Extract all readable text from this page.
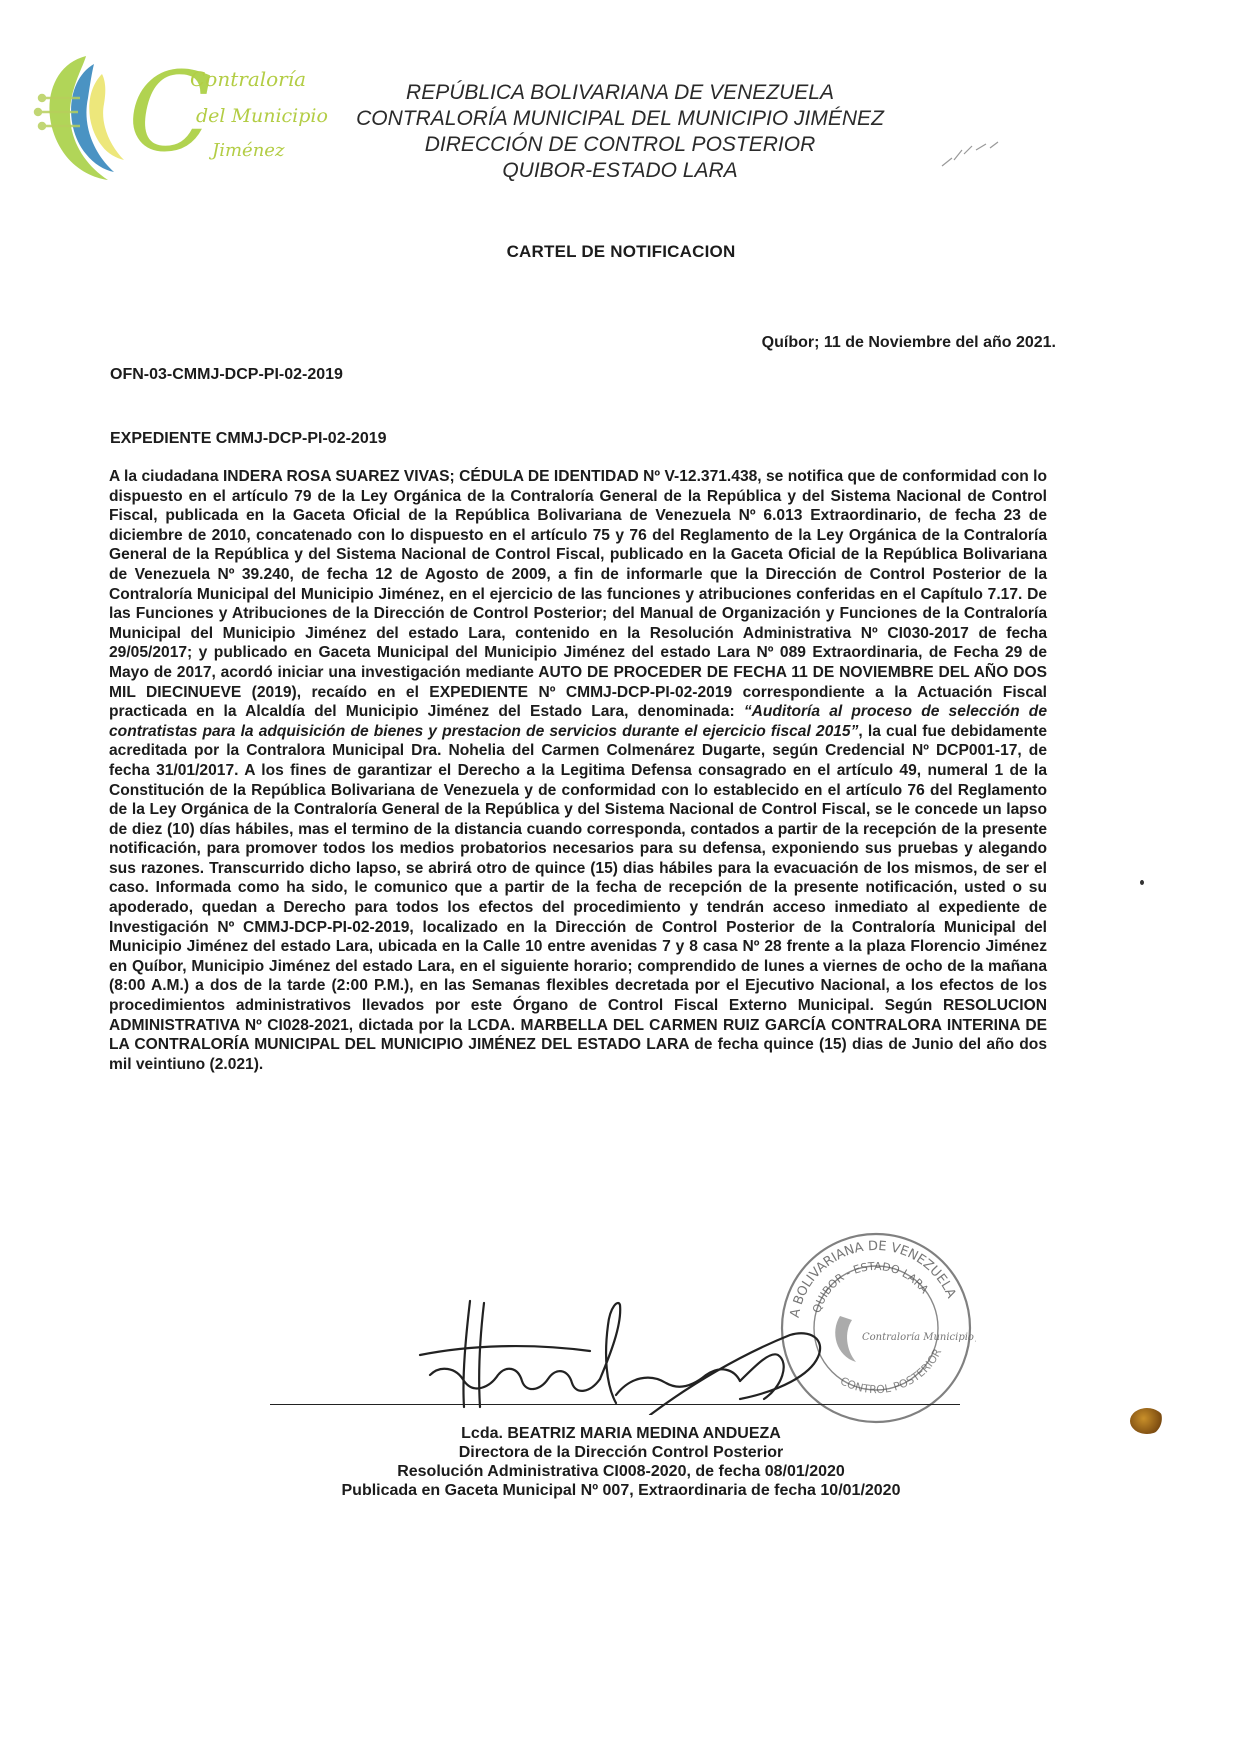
C
Contraloría
del Municipio
Jiménez
REPÚBLICA BOLIVARIANA DE VENEZUELA
CONTRALORÍA MUNICIPAL DEL MUNICIPIO JIMÉNEZ
DIRECCIÓN DE CONTROL POSTERIOR
QUIBOR-ESTADO LARA
CARTEL DE NOTIFICACION
Quíbor; 11 de Noviembre del año 2021.
OFN-03-CMMJ-DCP-PI-02-2019
EXPEDIENTE CMMJ-DCP-PI-02-2019
A la ciudadana INDERA ROSA SUAREZ VIVAS; CÉDULA DE IDENTIDAD Nº V-12.371.438, se notifica que de conformidad con lo dispuesto en el artículo 79 de la Ley Orgánica de la Contraloría General de la República y del Sistema Nacional de Control Fiscal, publicada en la Gaceta Oficial de la República Bolivariana de Venezuela Nº 6.013 Extraordinario, de fecha 23 de diciembre de 2010, concatenado con lo dispuesto en el artículo 75 y 76 del Reglamento de la Ley Orgánica de la Contraloría General de la República y del Sistema Nacional de Control Fiscal, publicado en la Gaceta Oficial de la República Bolivariana de Venezuela Nº 39.240, de fecha 12 de Agosto de 2009, a fin de informarle que la Dirección de Control Posterior de la Contraloría Municipal del Municipio Jiménez, en el ejercicio de las funciones y atribuciones conferidas en el Capítulo 7.17. De las Funciones y Atribuciones de la Dirección de Control Posterior; del Manual de Organización y Funciones de la Contraloría Municipal del Municipio Jiménez del estado Lara, contenido en la Resolución Administrativa Nº CI030-2017 de fecha 29/05/2017; y publicado en Gaceta Municipal del Municipio Jiménez del estado Lara Nº 089 Extraordinaria, de Fecha 29 de Mayo de 2017, acordó iniciar una investigación mediante AUTO DE PROCEDER DE FECHA 11 DE NOVIEMBRE DEL AÑO DOS MIL DIECINUEVE (2019), recaído en el EXPEDIENTE Nº CMMJ-DCP-PI-02-2019 correspondiente a la Actuación Fiscal practicada en la Alcaldía del Municipio Jiménez del Estado Lara, denominada: “Auditoría al proceso de selección de contratistas para la adquisición de bienes y prestacion de servicios durante el ejercicio fiscal 2015”, la cual fue debidamente acreditada por la Contralora Municipal Dra. Nohelia del Carmen Colmenárez Dugarte, según Credencial Nº DCP001-17, de fecha 31/01/2017. A los fines de garantizar el Derecho a la Legitima Defensa consagrado en el artículo 49, numeral 1 de la Constitución de la República Bolivariana de Venezuela y de conformidad con lo establecido en el artículo 76 del Reglamento de la Ley Orgánica de la Contraloría General de la República y del Sistema Nacional de Control Fiscal, se le concede un lapso de diez (10) días hábiles, mas el termino de la distancia cuando corresponda, contados a partir de la recepción de la presente notificación, para promover todos los medios probatorios necesarios para su defensa, exponiendo sus pruebas y alegando sus razones. Transcurrido dicho lapso, se abrirá otro de quince (15) dias hábiles para la evacuación de los mismos, de ser el caso. Informada como ha sido, le comunico que a partir de la fecha de recepción de la presente notificación, usted o su apoderado, quedan a Derecho para todos los efectos del procedimiento y tendrán acceso inmediato al expediente de Investigación Nº CMMJ-DCP-PI-02-2019, localizado en la Dirección de Control Posterior de la Contraloría Municipal del Municipio Jiménez del estado Lara, ubicada en la Calle 10 entre avenidas 7 y 8 casa Nº 28 frente a la plaza Florencio Jiménez en Quíbor, Municipio Jiménez del estado Lara, en el siguiente horario; comprendido de lunes a viernes de ocho de la mañana (8:00 A.M.) a dos de la tarde (2:00 P.M.), en las Semanas flexibles decretada por el Ejecutivo Nacional, a los efectos de los procedimientos administrativos llevados por este Órgano de Control Fiscal Externo Municipal. Según RESOLUCION ADMINISTRATIVA Nº CI028-2021, dictada por la LCDA. MARBELLA DEL CARMEN RUIZ GARCÍA CONTRALORA INTERINA DE LA CONTRALORÍA MUNICIPAL DEL MUNICIPIO JIMÉNEZ DEL ESTADO LARA de fecha quince (15) dias de Junio del año dos mil veintiuno (2.021).
A BOLIVARIANA DE VENEZUELA
QUIBOR - ESTADO LARA
CONTROL POSTERIOR
Contraloría Municipio
Lcda. BEATRIZ MARIA MEDINA ANDUEZA
Directora de la Dirección Control Posterior
Resolución Administrativa CI008-2020, de fecha 08/01/2020
Publicada en Gaceta Municipal Nº 007, Extraordinaria de fecha 10/01/2020
